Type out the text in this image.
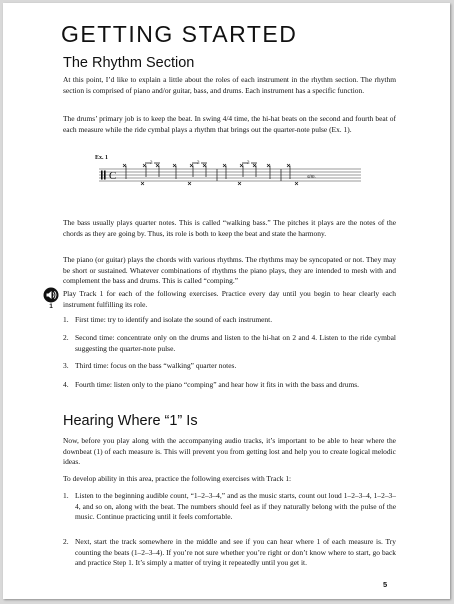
GETTING STARTED
The Rhythm Section

At this point, I’d like to explain a little about the roles of each instrument in the rhythm section. The rhythm section is comprised of piano and/or guitar, bass, and drums. Each instrument has a specific function.

The drums’ primary job is to keep the beat. In swing 4/4 time, the hi-hat beats on the second and fourth beat of each measure while the ride cymbal plays a rhythm that brings out the quarter-note pulse (Ex. 1).

Ex. 1
C
3	3	3
sim.

The bass usually plays quarter notes. This is called “walking bass.” The pitches it plays are the notes of the chords as they are going by. Thus, its role is both to keep the beat and state the harmony.

The piano (or guitar) plays the chords with various rhythms. The rhythms may be syncopated or not. They may be short or sustained. Whatever combinations of rhythms the piano plays, they are intended to mesh with and complement the bass and drums. This is called “comping.”

1

Play Track 1 for each of the following exercises. Practice every day until you begin to hear clearly each instrument fulfilling its role.

1. First time: try to identify and isolate the sound of each instrument.
2. Second time: concentrate only on the drums and listen to the hi-hat on 2 and 4. Listen to the ride cymbal suggesting the quarter-note pulse.
3. Third time: focus on the bass “walking” quarter notes.
4. Fourth time: listen only to the piano “comping” and hear how it fits in with the bass and drums.
Hearing Where “1” Is

Now, before you play along with the accompanying audio tracks, it’s important to be able to hear where the downbeat (1) of each measure is. This will prevent you from getting lost and help you to create logical melodic ideas.

To develop ability in this area, practice the following exercises with Track 1:

1. Listen to the beginning audible count, “1–2–3–4,” and as the music starts, count out loud 1–2–3–4, 1–2–3–4, and so on, along with the beat. The numbers should feel as if they naturally belong with the pulse of the music. Continue practicing until it feels comfortable.
2. Next, start the track somewhere in the middle and see if you can hear where 1 of each measure is. Try counting the beats (1–2–3–4). If you’re not sure whether you’re right or don’t know where to start, go back and practice Step 1. It’s simply a matter of trying it repeatedly until you get it.
5
